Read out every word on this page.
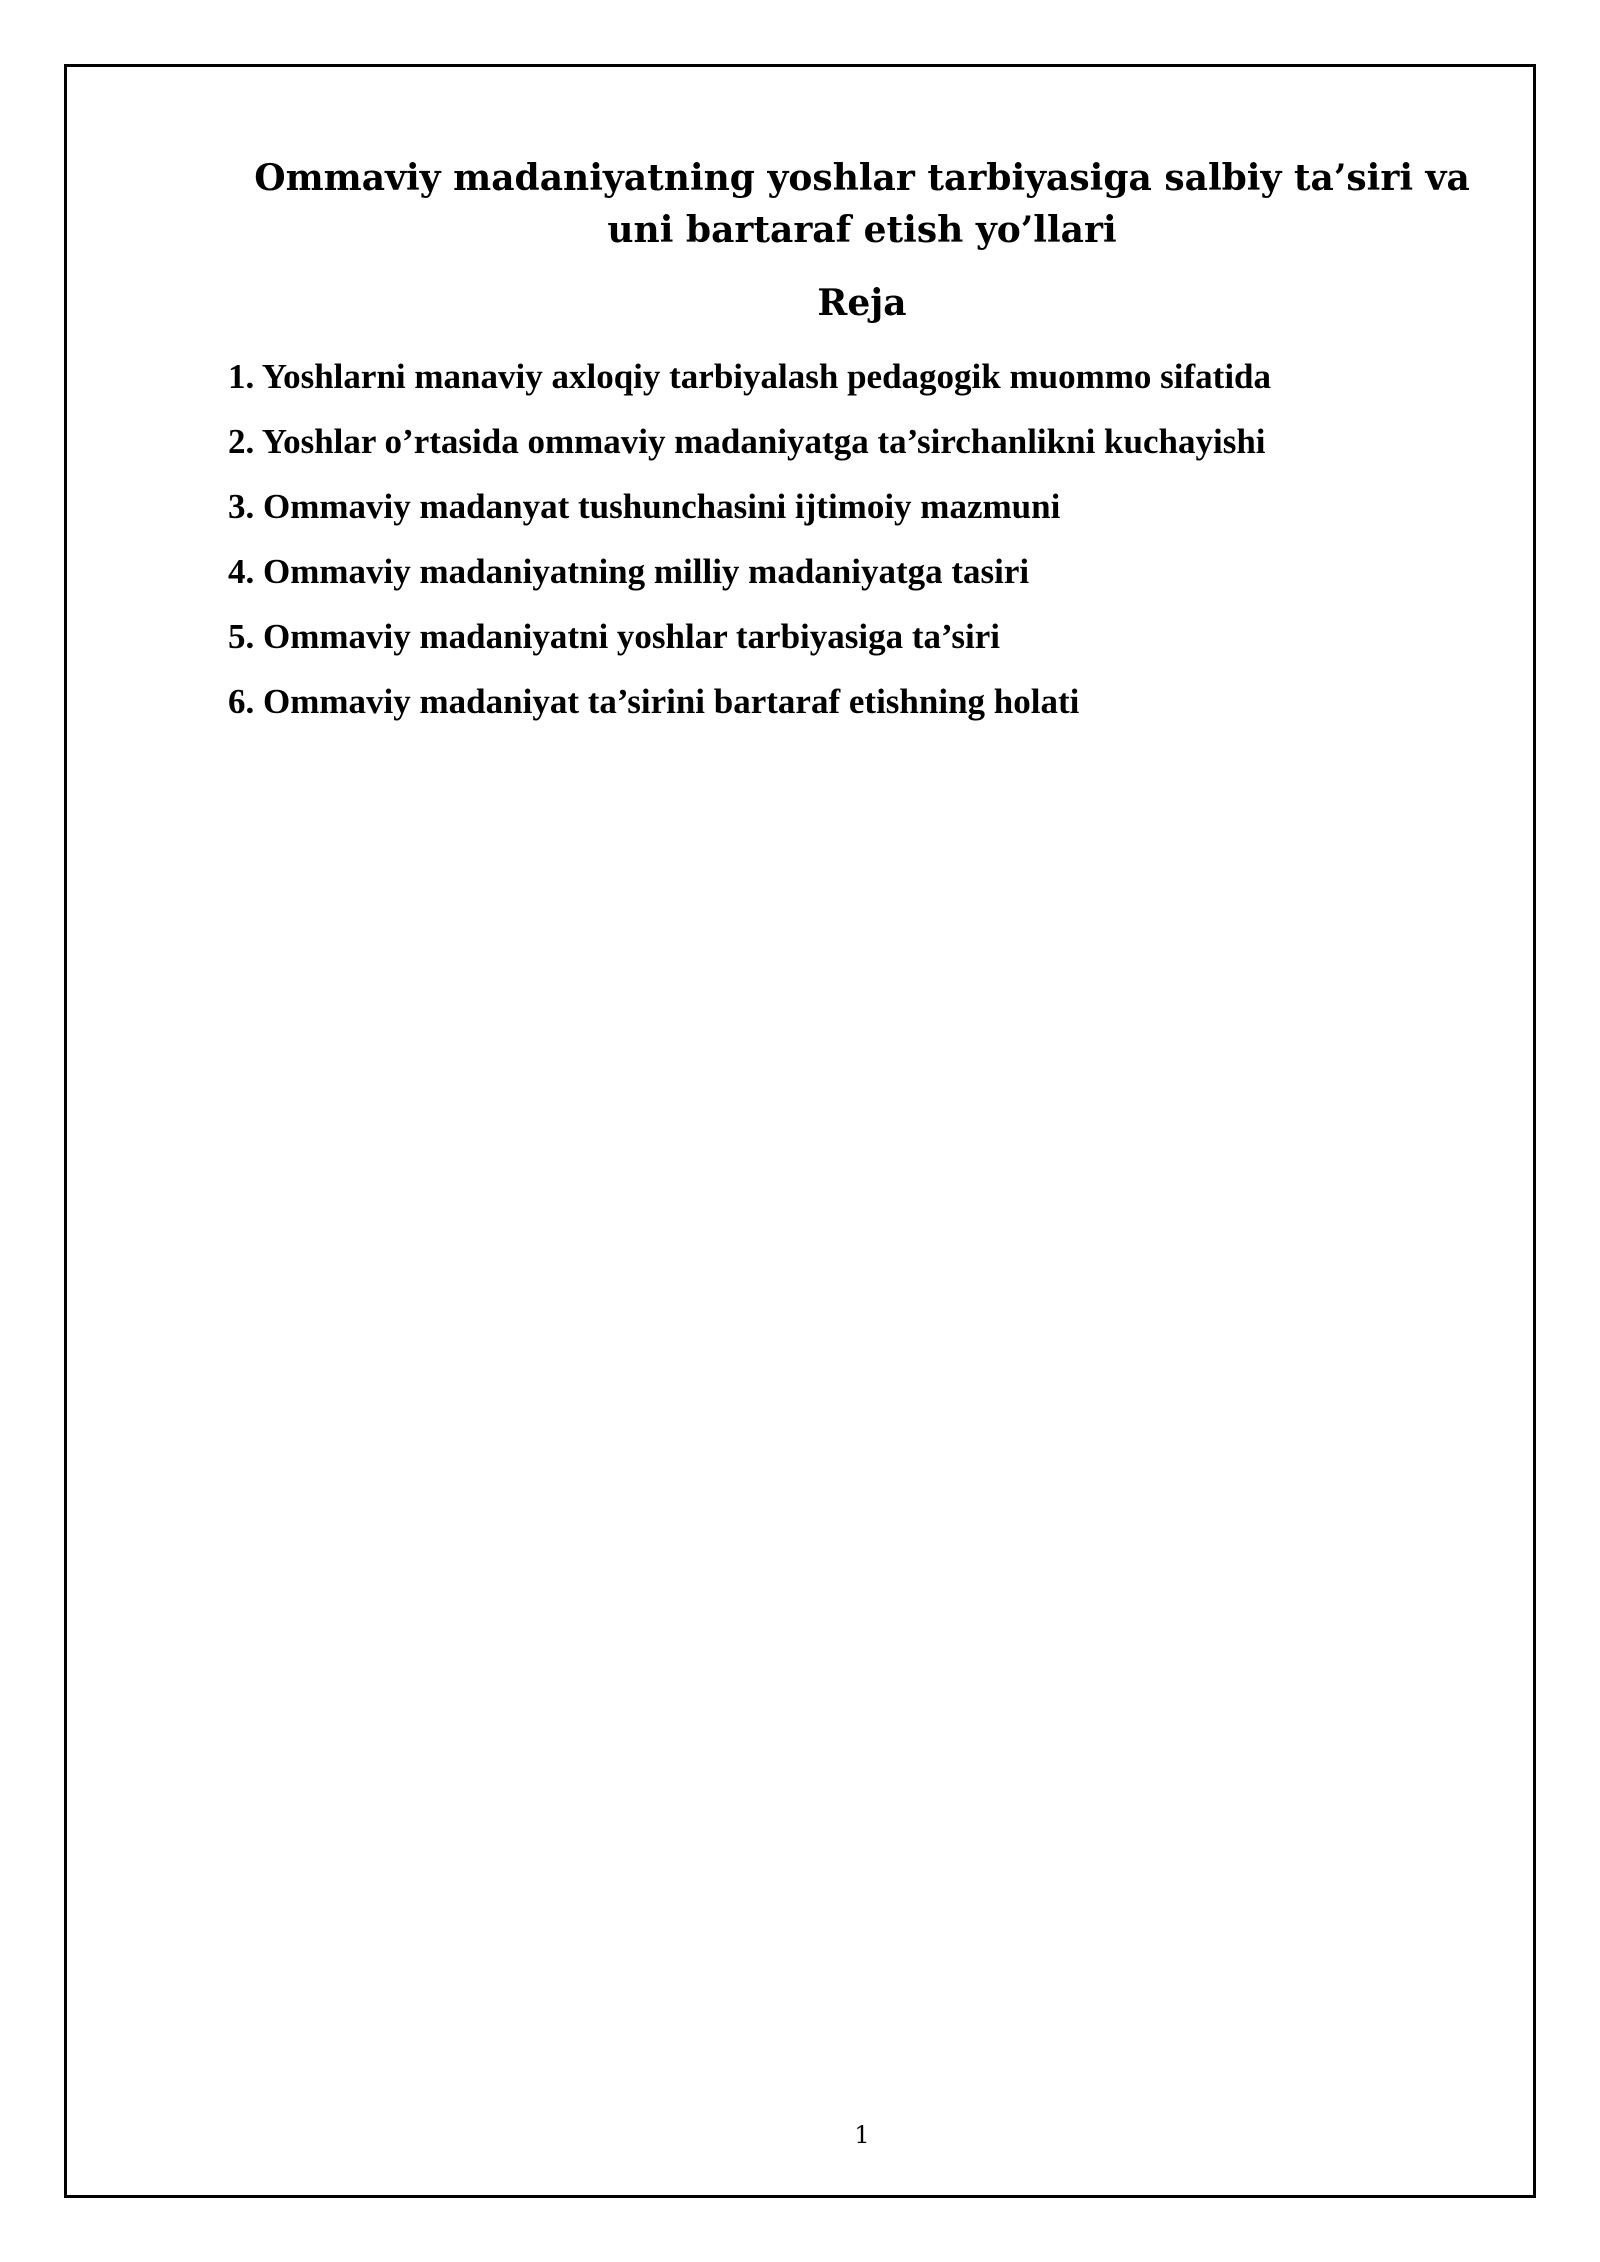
Ommaviy madaniyatning yoshlar tarbiyasiga salbiy ta’siri va uni bartaraf etish yo’llari
Reja
1. Yoshlarni manaviy axloqiy tarbiyalash pedagogik muommo sifatida
2. Yoshlar o’rtasida ommaviy madaniyatga ta’sirchanlikni kuchayishi
3. Ommaviy madanyat tushunchasini ijtimoiy mazmuni
4. Ommaviy madaniyatning milliy madaniyatga tasiri
5. Ommaviy madaniyatni yoshlar tarbiyasiga ta’siri
6. Ommaviy madaniyat ta’sirini bartaraf etishning holati
1
